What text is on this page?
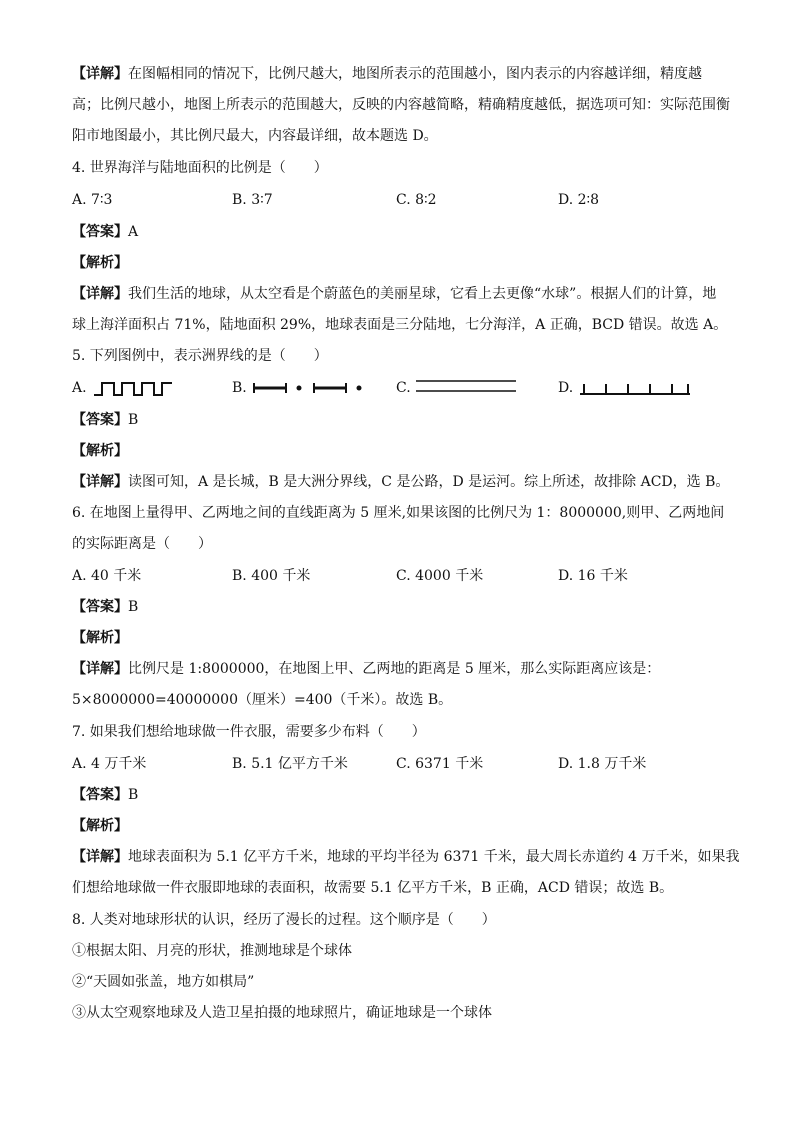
【详解】在图幅相同的情况下，比例尺越大，地图所表示的范围越小，图内表示的内容越详细，精度越
高；比例尺越小，地图上所表示的范围越大，反映的内容越简略，精确精度越低，据选项可知：实际范围衡
阳市地图最小，其比例尺最大，内容最详细，故本题选 D。
4. 世界海洋与陆地面积的比例是（　　）
A. 7∶3	B. 3∶7	C. 8∶2	D. 2∶8
【答案】A
【解析】
【详解】我们生活的地球，从太空看是个蔚蓝色的美丽星球，它看上去更像“水球”。根据人们的计算，地
球上海洋面积占 71%，陆地面积 29%，地球表面是三分陆地，七分海洋，A 正确，BCD 错误。故选 A。
5. 下列图例中，表示洲界线的是（　　）
A.	B.	C.	D.
【答案】B
【解析】
【详解】读图可知，A 是长城，B 是大洲分界线，C 是公路，D 是运河。综上所述，故排除 ACD，选 B。
6. 在地图上量得甲、乙两地之间的直线距离为 5 厘米,如果该图的比例尺为 1：8000000,则甲、乙两地间
的实际距离是（　　）
A. 40 千米	B. 400 千米	C. 4000 千米	D. 16 千米
【答案】B
【解析】
【详解】比例尺是 1:8000000，在地图上甲、乙两地的距离是 5 厘米，那么实际距离应该是：
5×8000000=40000000（厘米）=400（千米）。故选 B。
7. 如果我们想给地球做一件衣服，需要多少布料（　　）
A. 4 万千米	B. 5.1 亿平方千米	C. 6371 千米	D. 1.8 万千米
【答案】B
【解析】
【详解】地球表面积为 5.1 亿平方千米，地球的平均半径为 6371 千米，最大周长赤道约 4 万千米，如果我
们想给地球做一件衣服即地球的表面积，故需要 5.1 亿平方千米，B 正确，ACD 错误；故选 B。
8. 人类对地球形状的认识，经历了漫长的过程。这个顺序是（　　）
①根据太阳、月亮的形状，推测地球是个球体
②“天圆如张盖，地方如棋局”
③从太空观察地球及人造卫星拍摄的地球照片，确证地球是一个球体
